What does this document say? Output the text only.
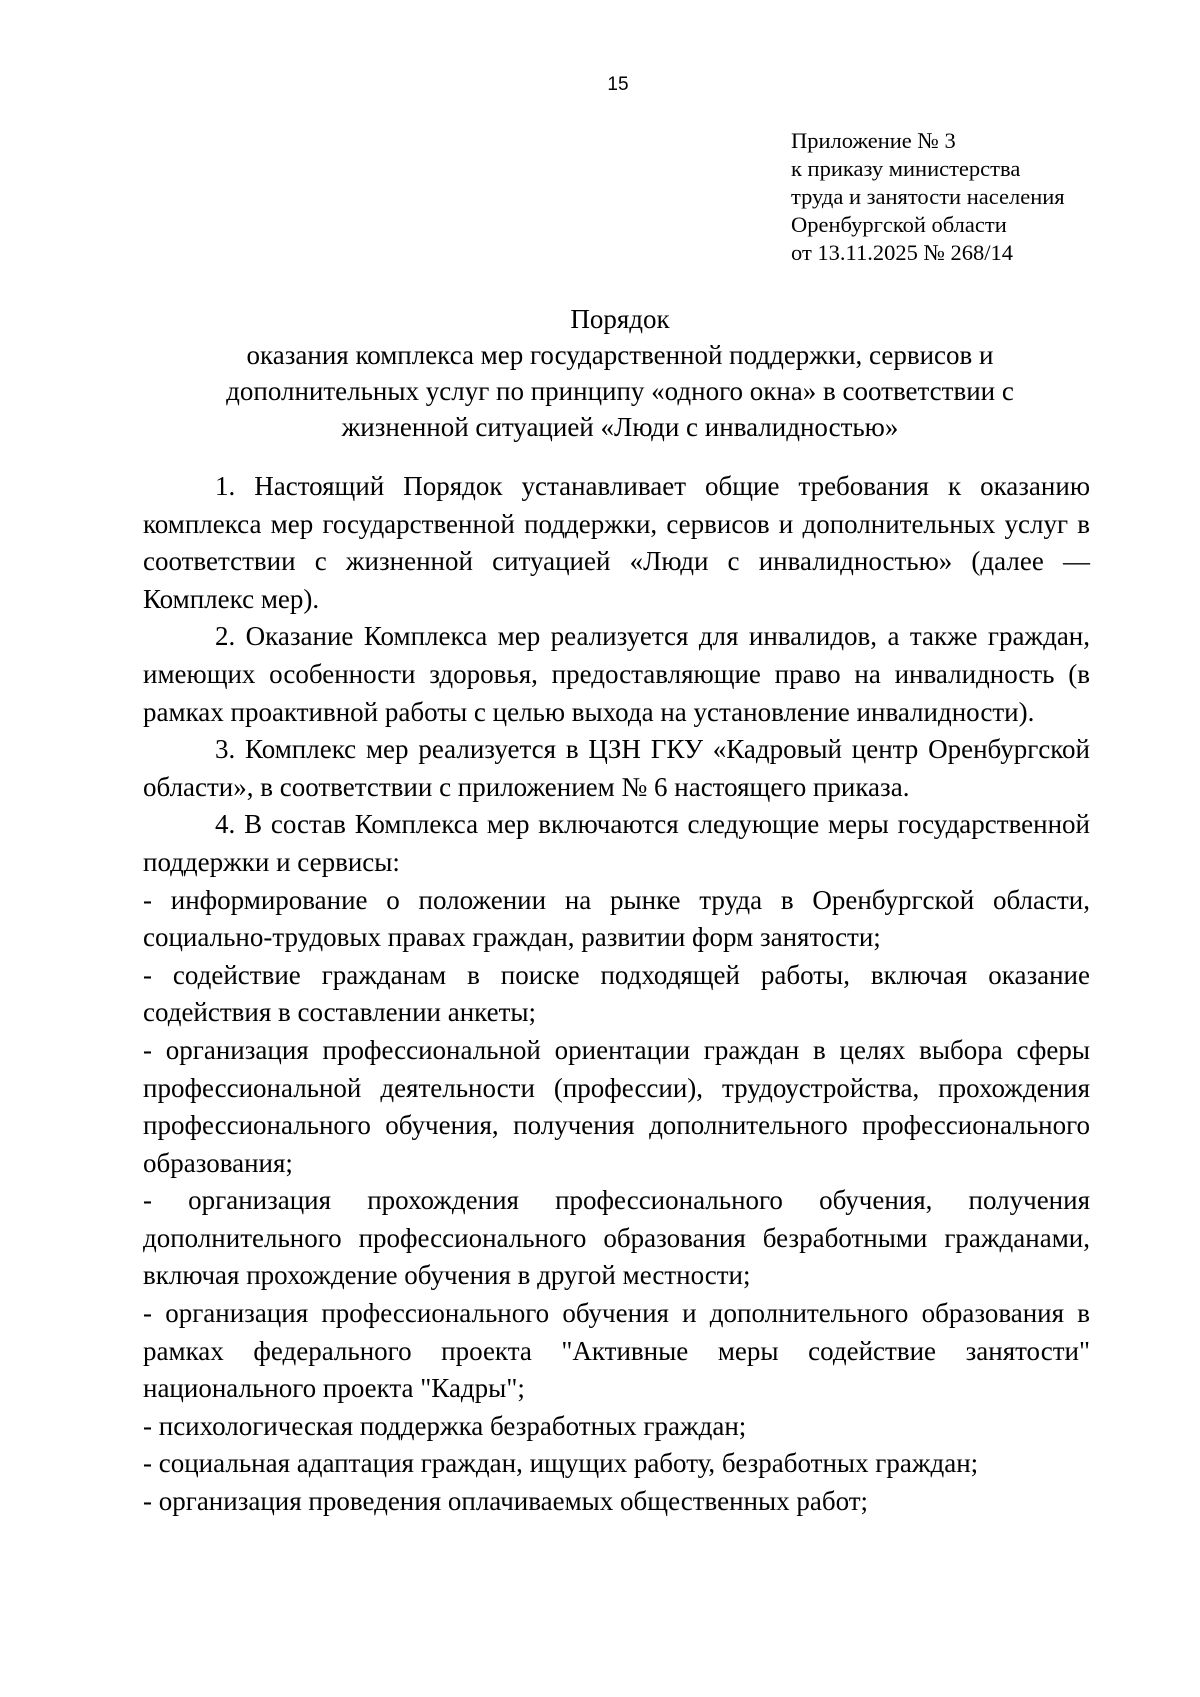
15
Приложение № 3
к приказу министерства
труда и занятости населения
Оренбургской области
от 13.11.2025 № 268/14
Порядок
оказания комплекса мер государственной поддержки, сервисов и
дополнительных услуг по принципу «одного окна» в соответствии с
жизненной ситуацией «Люди с инвалидностью»

1. Настоящий Порядок устанавливает общие требования к оказанию комплекса мер государственной поддержки, сервисов и дополнительных услуг в соответствии с жизненной ситуацией «Люди с инвалидностью» (далее — Комплекс мер).

2. Оказание Комплекса мер реализуется для инвалидов, а также граждан, имеющих особенности здоровья, предоставляющие право на инвалидность (в рамках проактивной работы с целью выхода на установление инвалидности).

3. Комплекс мер реализуется в ЦЗН ГКУ «Кадровый центр Оренбургской области», в соответствии с приложением № 6 настоящего приказа.

4. В состав Комплекса мер включаются следующие меры государственной поддержки и сервисы:

- информирование о положении на рынке труда в Оренбургской области, социально-трудовых правах граждан, развитии форм занятости;

- содействие гражданам в поиске подходящей работы, включая оказание содействия в составлении анкеты;

- организация профессиональной ориентации граждан в целях выбора сферы профессиональной деятельности (профессии), трудоустройства, прохождения профессионального обучения, получения дополнительного профессионального образования;

- организация прохождения профессионального обучения, получения дополнительного профессионального образования безработными гражданами, включая прохождение обучения в другой местности;

- организация профессионального обучения и дополнительного образования в рамках федерального проекта "Активные меры содействие занятости" национального проекта "Кадры";

- психологическая поддержка безработных граждан;

- социальная адаптация граждан, ищущих работу, безработных граждан;

- организация проведения оплачиваемых общественных работ;
